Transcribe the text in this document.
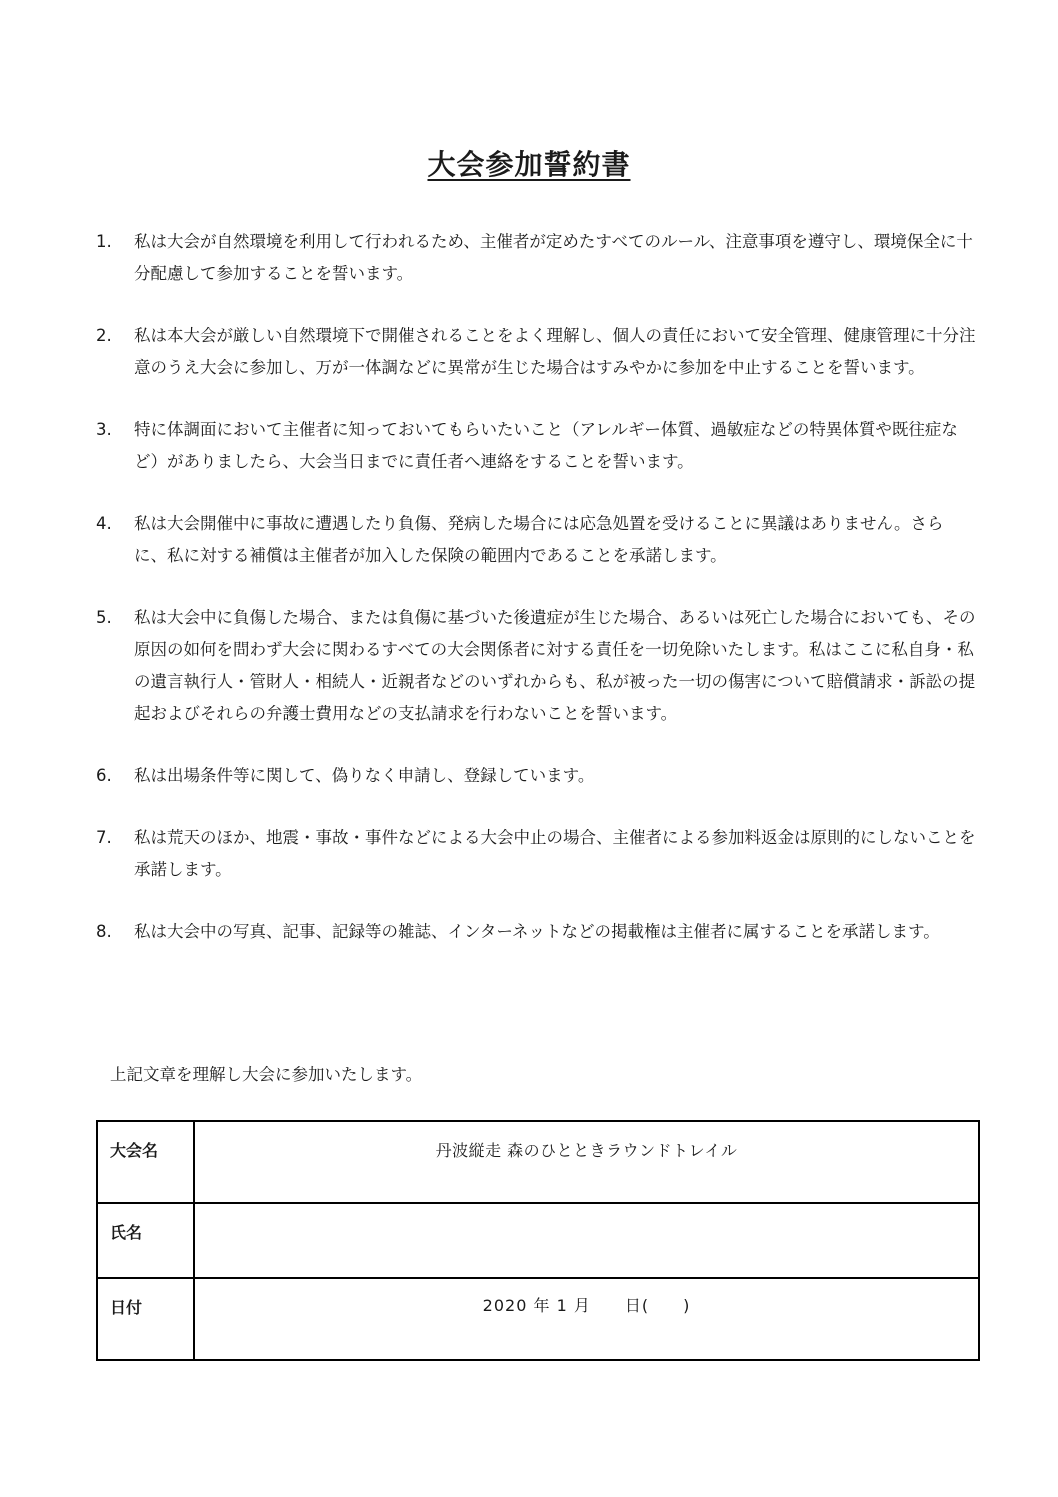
大会参加誓約書
1. 私は大会が自然環境を利用して行われるため、主催者が定めたすべてのルール、注意事項を遵守し、環境保全に十分配慮して参加することを誓います。
2. 私は本大会が厳しい自然環境下で開催されることをよく理解し、個人の責任において安全管理、健康管理に十分注意のうえ大会に参加し、万が一体調などに異常が生じた場合はすみやかに参加を中止することを誓います。
3. 特に体調面において主催者に知っておいてもらいたいこと（アレルギー体質、過敏症などの特異体質や既往症など）がありましたら、大会当日までに責任者へ連絡をすることを誓います。
4. 私は大会開催中に事故に遭遇したり負傷、発病した場合には応急処置を受けることに異議はありません。さらに、私に対する補償は主催者が加入した保険の範囲内であることを承諾します。
5. 私は大会中に負傷した場合、または負傷に基づいた後遺症が生じた場合、あるいは死亡した場合においても、その原因の如何を問わず大会に関わるすべての大会関係者に対する責任を一切免除いたします。私はここに私自身・私の遺言執行人・管財人・相続人・近親者などのいずれからも、私が被った一切の傷害について賠償請求・訴訟の提起およびそれらの弁護士費用などの支払請求を行わないことを誓います。
6. 私は出場条件等に関して、偽りなく申請し、登録しています。
7. 私は荒天のほか、地震・事故・事件などによる大会中止の場合、主催者による参加料返金は原則的にしないことを承諾します。
8. 私は大会中の写真、記事、記録等の雑誌、インターネットなどの掲載権は主催者に属することを承諾します。
上記文章を理解し大会に参加いたします。
大会名	丹波縦走 森のひとときラウンドトレイル
氏名	
日付	2020 年 1 月　　日(　　)
